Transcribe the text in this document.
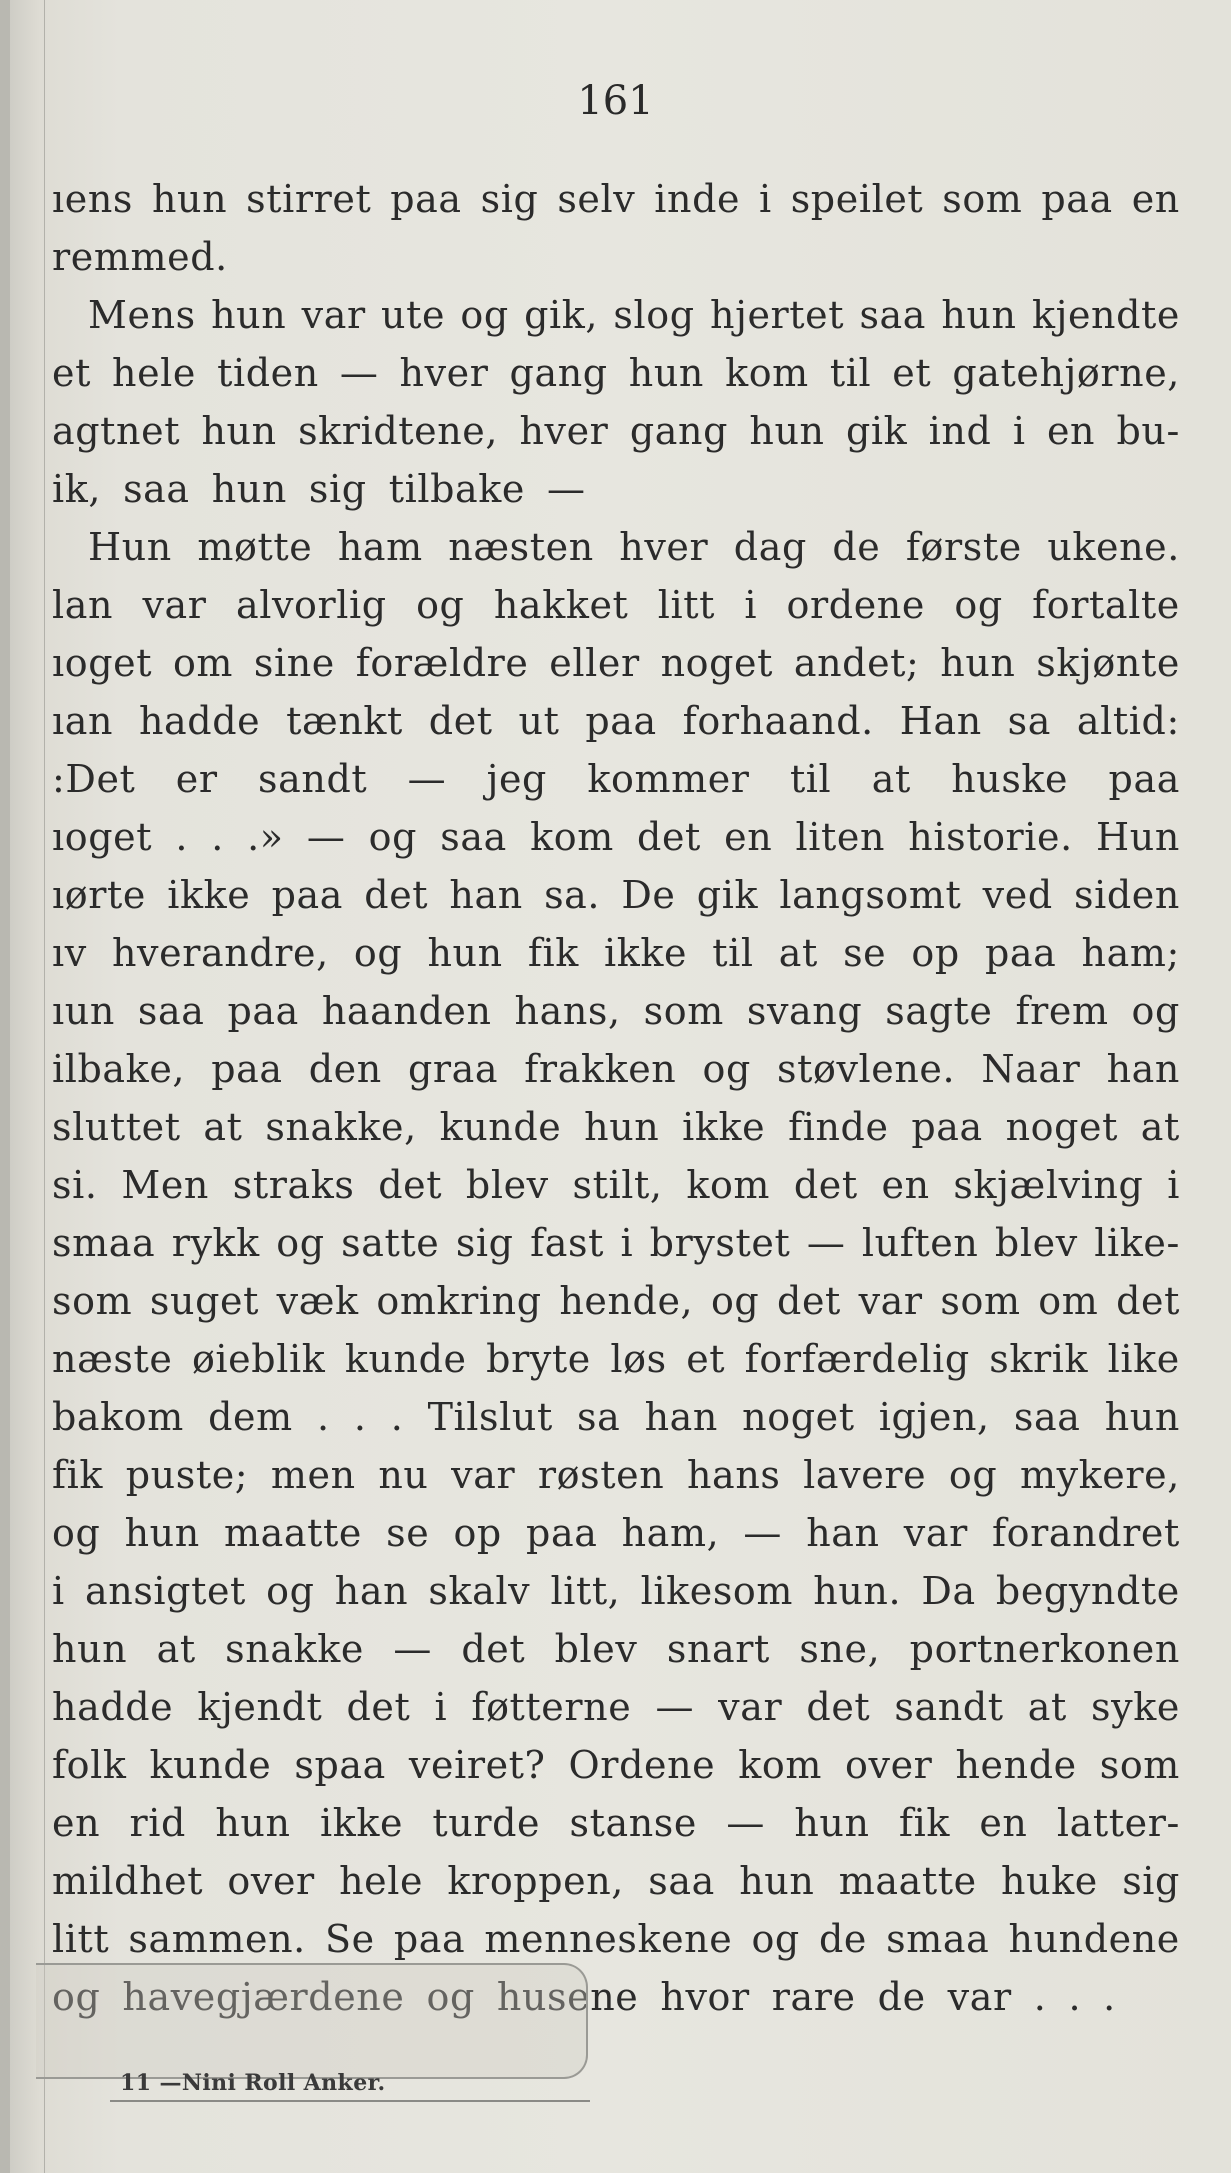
161

ıens hun stirret paa sig selv inde i speilet som paa en
remmed.
Mens hun var ute og gik, slog hjertet saa hun kjendte
et hele tiden — hver gang hun kom til et gatehjørne,
agtnet hun skridtene, hver gang hun gik ind i en bu-
ik, saa hun sig tilbake —
Hun møtte ham næsten hver dag de første ukene.
lan var alvorlig og hakket litt i ordene og fortalte
ıoget om sine forældre eller noget andet; hun skjønte
ıan hadde tænkt det ut paa forhaand. Han sa altid:
:Det er sandt — jeg kommer til at huske paa
ıoget . . .» — og saa kom det en liten historie. Hun
ıørte ikke paa det han sa. De gik langsomt ved siden
ıv hverandre, og hun fik ikke til at se op paa ham;
ıun saa paa haanden hans, som svang sagte frem og
ilbake, paa den graa frakken og støvlene. Naar han
sluttet at snakke, kunde hun ikke finde paa noget at
si. Men straks det blev stilt, kom det en skjælving i
smaa rykk og satte sig fast i brystet — luften blev like-
som suget væk omkring hende, og det var som om det
næste øieblik kunde bryte løs et forfærdelig skrik like
bakom dem . . . Tilslut sa han noget igjen, saa hun
fik puste; men nu var røsten hans lavere og mykere,
og hun maatte se op paa ham, — han var forandret
i ansigtet og han skalv litt, likesom hun. Da begyndte
hun at snakke — det blev snart sne, portnerkonen
hadde kjendt det i føtterne — var det sandt at syke
folk kunde spaa veiret? Ordene kom over hende som
en rid hun ikke turde stanse — hun fik en latter-
mildhet over hele kroppen, saa hun maatte huke sig
litt sammen. Se paa menneskene og de smaa hundene
og havegjærdene og husene hvor rare de var . . .
11 —Nini Roll Anker.
